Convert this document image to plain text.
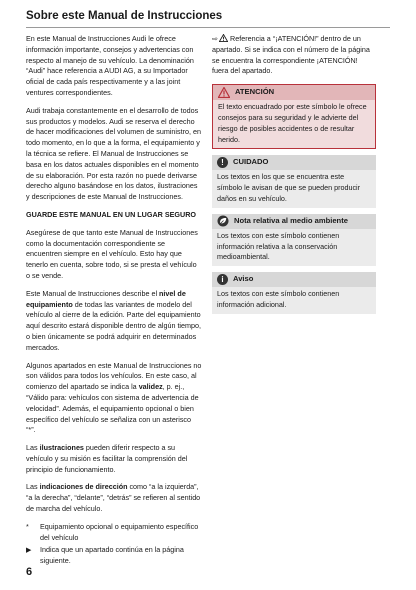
Sobre este Manual de Instrucciones

En este Manual de Instrucciones Audi le ofrece información importante, consejos y advertencias con respecto al manejo de su vehículo. La denominación “Audi” hace referencia a AUDI AG, a su Importador oficial de cada país respectivamente y a las joint ventures correspondientes.

Audi trabaja constantemente en el desarrollo de todos sus productos y modelos. Audi se reserva el derecho de hacer modificaciones del volumen de suministro, en todo momento, en lo que a la forma, el equipamiento y la técnica se refiere. El Manual de Instrucciones se basa en los datos actuales disponibles en el momento de su elaboración. Por esta razón no puede derivarse derecho alguno basándose en los datos, ilustraciones y descripciones de este Manual de Instrucciones.

GUARDE ESTE MANUAL EN UN LUGAR SEGURO

Asegúrese de que tanto este Manual de Instrucciones como la documentación correspondiente se encuentren siempre en el vehículo. Esto hay que tenerlo en cuenta, sobre todo, si se presta el vehículo o se vende.

Este Manual de Instrucciones describe el nivel de equipamiento de todas las variantes de modelo del vehículo al cierre de la edición. Parte del equipamiento aquí descrito estará disponible dentro de algún tiempo, o bien únicamente se podrá adquirir en determinados mercados.

Algunos apartados en este Manual de Instrucciones no son válidos para todos los vehículos. En este caso, al comienzo del apartado se indica la validez, p. ej., “Válido para: vehículos con sistema de advertencia de velocidad”. Además, el equipamiento opcional o bien específico del vehículo se señaliza con un asterisco “*”.

Las ilustraciones pueden diferir respecto a su vehículo y su misión es facilitar la comprensión del principio de funcionamiento.

Las indicaciones de dirección como “a la izquierda”, “a la derecha”, “delante”, “detrás” se refieren al sentido de marcha del vehículo.

*	Equipamiento opcional o equipamiento específico del vehículo
▶	Indica que un apartado continúa en la página siguiente.

⇨ Referencia a “¡ATENCIÓN!” dentro de un apartado. Si se indica con el número de la página se encuentra la correspondiente ¡ATENCIÓN! fuera del apartado.

ATENCIÓN
El texto encuadrado por este símbolo le ofrece consejos para su seguridad y le advierte del riesgo de posibles accidentes o de resultar herido.
!	CUIDADO
Los textos en los que se encuentra este símbolo le avisan de que se pueden producir daños en su vehículo.
Nota relativa al medio ambiente
Los textos con este símbolo contienen información relativa a la conservación medioambiental.
i	Aviso
Los textos con este símbolo contienen información adicional.
6
